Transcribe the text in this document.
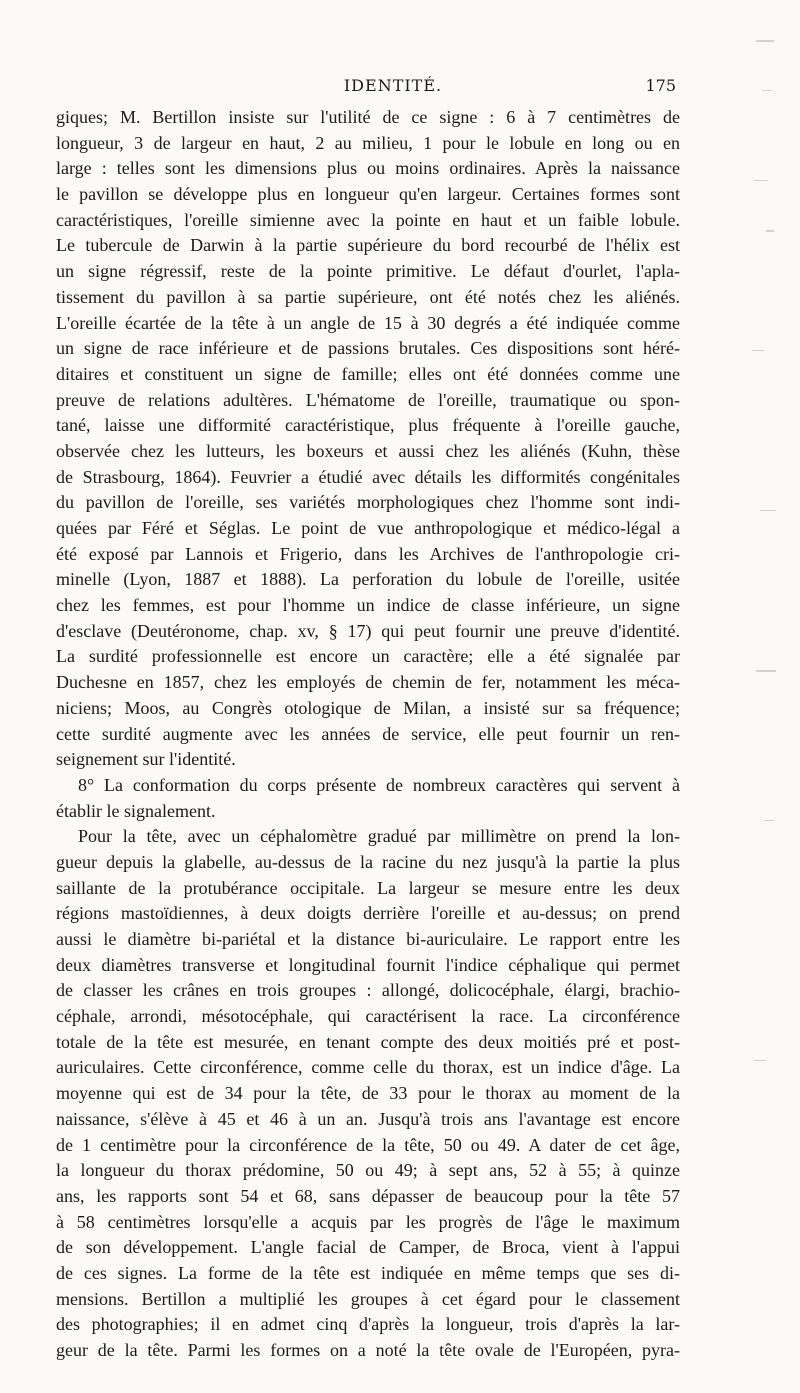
IDENTITÉ.	175
giques; M. Bertillon insiste sur l'utilité de ce signe : 6 à 7 centimètres de
longueur, 3 de largeur en haut, 2 au milieu, 1 pour le lobule en long ou en
large : telles sont les dimensions plus ou moins ordinaires. Après la naissance
le pavillon se développe plus en longueur qu'en largeur. Certaines formes sont
caractéristiques, l'oreille simienne avec la pointe en haut et un faible lobule.
Le tubercule de Darwin à la partie supérieure du bord recourbé de l'hélix est
un signe régressif, reste de la pointe primitive. Le défaut d'ourlet, l'apla-
tissement du pavillon à sa partie supérieure, ont été notés chez les aliénés.
L'oreille écartée de la tête à un angle de 15 à 30 degrés a été indiquée comme
un signe de race inférieure et de passions brutales. Ces dispositions sont héré-
ditaires et constituent un signe de famille; elles ont été données comme une
preuve de relations adultères. L'hématome de l'oreille, traumatique ou spon-
tané, laisse une difformité caractéristique, plus fréquente à l'oreille gauche,
observée chez les lutteurs, les boxeurs et aussi chez les aliénés (Kuhn, thèse
de Strasbourg, 1864). Feuvrier a étudié avec détails les difformités congénitales
du pavillon de l'oreille, ses variétés morphologiques chez l'homme sont indi-
quées par Féré et Séglas. Le point de vue anthropologique et médico-légal a
été exposé par Lannois et Frigerio, dans les Archives de l'anthropologie cri-
minelle (Lyon, 1887 et 1888). La perforation du lobule de l'oreille, usitée
chez les femmes, est pour l'homme un indice de classe inférieure, un signe
d'esclave (Deutéronome, chap. xv, § 17) qui peut fournir une preuve d'identité.
La surdité professionnelle est encore un caractère; elle a été signalée par
Duchesne en 1857, chez les employés de chemin de fer, notamment les méca-
niciens; Moos, au Congrès otologique de Milan, a insisté sur sa fréquence;
cette surdité augmente avec les années de service, elle peut fournir un ren-
seignement sur l'identité.
8° La conformation du corps présente de nombreux caractères qui servent à
établir le signalement.
Pour la tête, avec un céphalomètre gradué par millimètre on prend la lon-
gueur depuis la glabelle, au-dessus de la racine du nez jusqu'à la partie la plus
saillante de la protubérance occipitale. La largeur se mesure entre les deux
régions mastoïdiennes, à deux doigts derrière l'oreille et au-dessus; on prend
aussi le diamètre bi-pariétal et la distance bi-auriculaire. Le rapport entre les
deux diamètres transverse et longitudinal fournit l'indice céphalique qui permet
de classer les crânes en trois groupes : allongé, dolicocéphale, élargi, brachio-
céphale, arrondi, mésotocéphale, qui caractérisent la race. La circonférence
totale de la tête est mesurée, en tenant compte des deux moitiés pré et post-
auriculaires. Cette circonférence, comme celle du thorax, est un indice d'âge. La
moyenne qui est de 34 pour la tête, de 33 pour le thorax au moment de la
naissance, s'élève à 45 et 46 à un an. Jusqu'à trois ans l'avantage est encore
de 1 centimètre pour la circonférence de la tête, 50 ou 49. A dater de cet âge,
la longueur du thorax prédomine, 50 ou 49; à sept ans, 52 à 55; à quinze
ans, les rapports sont 54 et 68, sans dépasser de beaucoup pour la tête 57
à 58 centimètres lorsqu'elle a acquis par les progrès de l'âge le maximum
de son développement. L'angle facial de Camper, de Broca, vient à l'appui
de ces signes. La forme de la tête est indiquée en même temps que ses di-
mensions. Bertillon a multiplié les groupes à cet égard pour le classement
des photographies; il en admet cinq d'après la longueur, trois d'après la lar-
geur de la tête. Parmi les formes on a noté la tête ovale de l'Européen, pyra-
